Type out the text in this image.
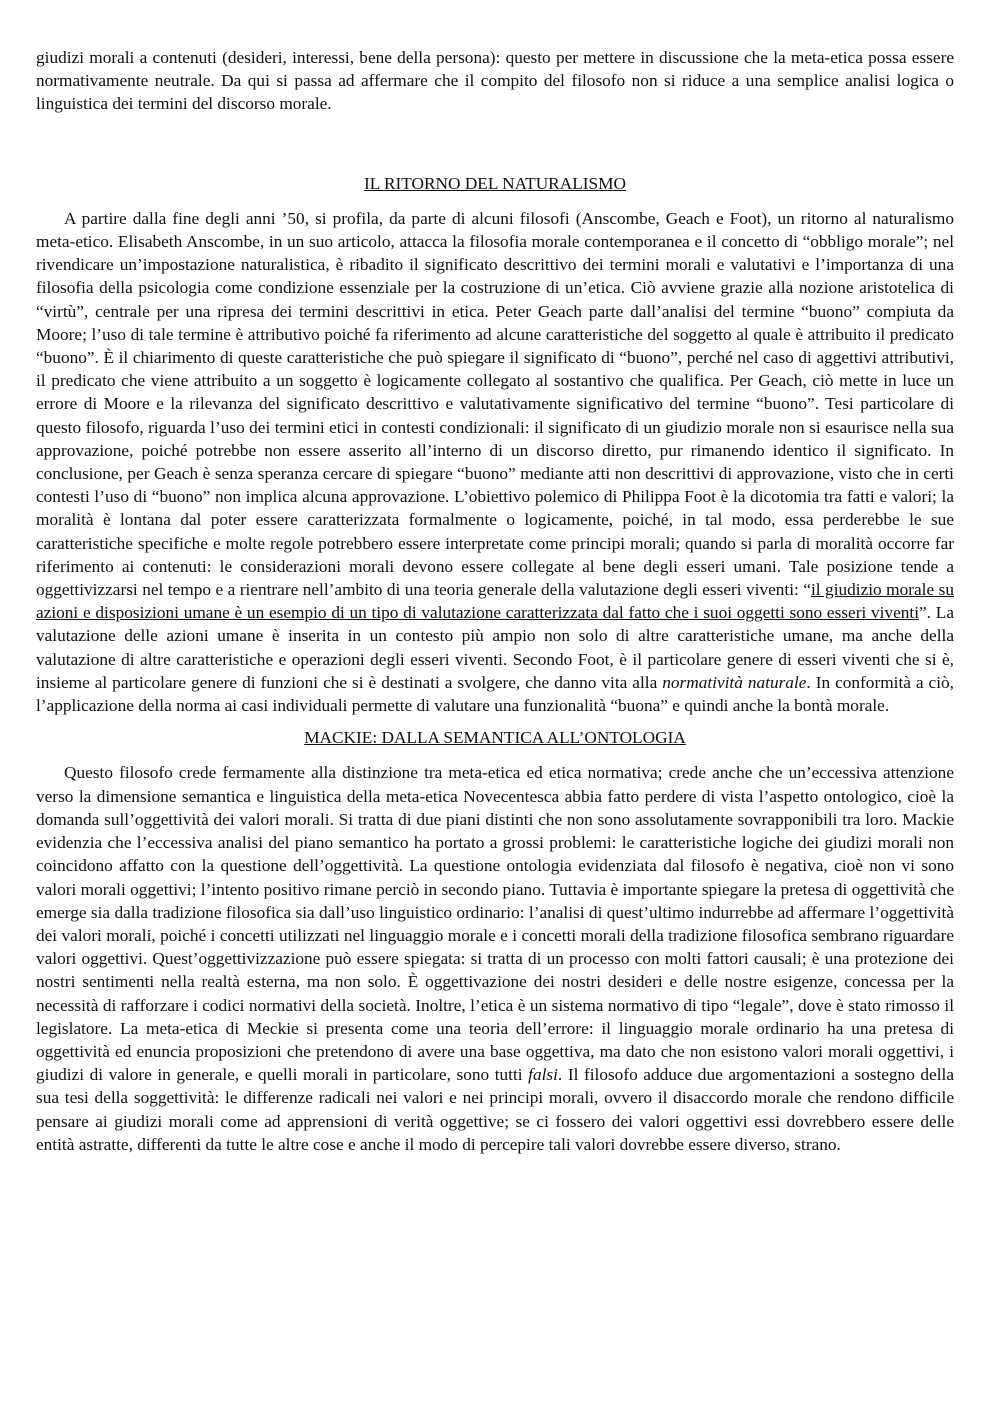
giudizi morali a contenuti (desideri, interessi, bene della persona): questo per mettere in discussione che la meta-etica possa essere normativamente neutrale. Da qui si passa ad affermare che il compito del filosofo non si riduce a una semplice analisi logica o linguistica dei termini del discorso morale.

IL RITORNO DEL NATURALISMO

A partire dalla fine degli anni ’50, si profila, da parte di alcuni filosofi (Anscombe, Geach e Foot), un ritorno al naturalismo meta-etico. Elisabeth Anscombe, in un suo articolo, attacca la filosofia morale contemporanea e il concetto di “obbligo morale”; nel rivendicare un’impostazione naturalistica, è ribadito il significato descrittivo dei termini morali e valutativi e l’importanza di una filosofia della psicologia come condizione essenziale per la costruzione di un’etica. Ciò avviene grazie alla nozione aristotelica di “virtù”, centrale per una ripresa dei termini descrittivi in etica. Peter Geach parte dall’analisi del termine “buono” compiuta da Moore; l’uso di tale termine è attributivo poiché fa riferimento ad alcune caratteristiche del soggetto al quale è attribuito il predicato “buono”. È il chiarimento di queste caratteristiche che può spiegare il significato di “buono”, perché nel caso di aggettivi attributivi, il predicato che viene attribuito a un soggetto è logicamente collegato al sostantivo che qualifica. Per Geach, ciò mette in luce un errore di Moore e la rilevanza del significato descrittivo e valutativamente significativo del termine “buono”. Tesi particolare di questo filosofo, riguarda l’uso dei termini etici in contesti condizionali: il significato di un giudizio morale non si esaurisce nella sua approvazione, poiché potrebbe non essere asserito all’interno di un discorso diretto, pur rimanendo identico il significato. In conclusione, per Geach è senza speranza cercare di spiegare “buono” mediante atti non descrittivi di approvazione, visto che in certi contesti l’uso di “buono” non implica alcuna approvazione. L’obiettivo polemico di Philippa Foot è la dicotomia tra fatti e valori; la moralità è lontana dal poter essere caratterizzata formalmente o logicamente, poiché, in tal modo, essa perderebbe le sue caratteristiche specifiche e molte regole potrebbero essere interpretate come principi morali; quando si parla di moralità occorre far riferimento ai contenuti: le considerazioni morali devono essere collegate al bene degli esseri umani. Tale posizione tende a oggettivizzarsi nel tempo e a rientrare nell’ambito di una teoria generale della valutazione degli esseri viventi: “il giudizio morale su azioni e disposizioni umane è un esempio di un tipo di valutazione caratterizzata dal fatto che i suoi oggetti sono esseri viventi”. La valutazione delle azioni umane è inserita in un contesto più ampio non solo di altre caratteristiche umane, ma anche della valutazione di altre caratteristiche e operazioni degli esseri viventi. Secondo Foot, è il particolare genere di esseri viventi che si è, insieme al particolare genere di funzioni che si è destinati a svolgere, che danno vita alla normatività naturale. In conformità a ciò, l’applicazione della norma ai casi individuali permette di valutare una funzionalità “buona” e quindi anche la bontà morale.

MACKIE: DALLA SEMANTICA ALL’ONTOLOGIA

Questo filosofo crede fermamente alla distinzione tra meta-etica ed etica normativa; crede anche che un’eccessiva attenzione verso la dimensione semantica e linguistica della meta-etica Novecentesca abbia fatto perdere di vista l’aspetto ontologico, cioè la domanda sull’oggettività dei valori morali. Si tratta di due piani distinti che non sono assolutamente sovrapponibili tra loro. Mackie evidenzia che l’eccessiva analisi del piano semantico ha portato a grossi problemi: le caratteristiche logiche dei giudizi morali non coincidono affatto con la questione dell’oggettività. La questione ontologia evidenziata dal filosofo è negativa, cioè non vi sono valori morali oggettivi; l’intento positivo rimane perciò in secondo piano. Tuttavia è importante spiegare la pretesa di oggettività che emerge sia dalla tradizione filosofica sia dall’uso linguistico ordinario: l’analisi di quest’ultimo indurrebbe ad affermare l’oggettività dei valori morali, poiché i concetti utilizzati nel linguaggio morale e i concetti morali della tradizione filosofica sembrano riguardare valori oggettivi. Quest’oggettivizzazione può essere spiegata: si tratta di un processo con molti fattori causali; è una protezione dei nostri sentimenti nella realtà esterna, ma non solo. È oggettivazione dei nostri desideri e delle nostre esigenze, concessa per la necessità di rafforzare i codici normativi della società. Inoltre, l’etica è un sistema normativo di tipo “legale”, dove è stato rimosso il legislatore. La meta-etica di Meckie si presenta come una teoria dell’errore: il linguaggio morale ordinario ha una pretesa di oggettività ed enuncia proposizioni che pretendono di avere una base oggettiva, ma dato che non esistono valori morali oggettivi, i giudizi di valore in generale, e quelli morali in particolare, sono tutti falsi. Il filosofo adduce due argomentazioni a sostegno della sua tesi della soggettività: le differenze radicali nei valori e nei principi morali, ovvero il disaccordo morale che rendono difficile pensare ai giudizi morali come ad apprensioni di verità oggettive; se ci fossero dei valori oggettivi essi dovrebbero essere delle entità astratte, differenti da tutte le altre cose e anche il modo di percepire tali valori dovrebbe essere diverso, strano.
